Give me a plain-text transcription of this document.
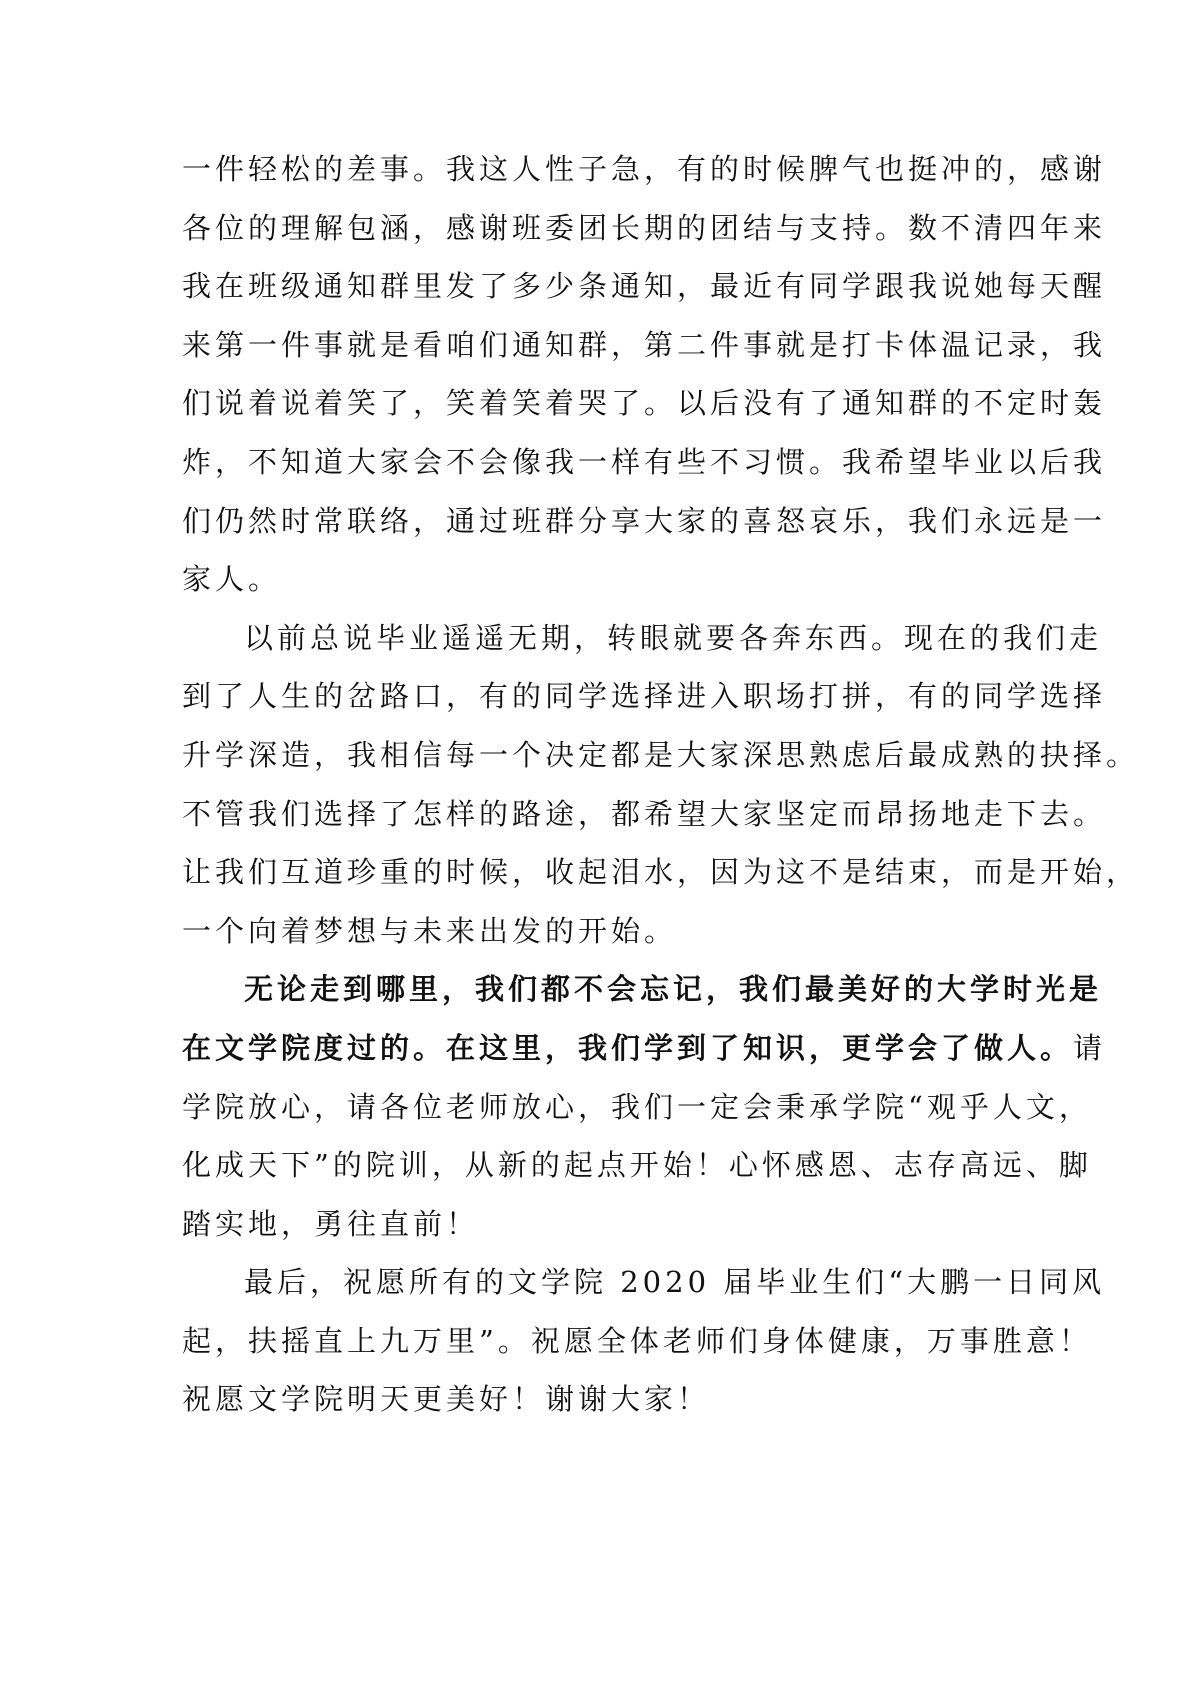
一件轻松的差事。我这人性子急，有的时候脾气也挺冲的，感谢
各位的理解包涵，感谢班委团长期的团结与支持。数不清四年来
我在班级通知群里发了多少条通知，最近有同学跟我说她每天醒
来第一件事就是看咱们通知群，第二件事就是打卡体温记录，我
们说着说着笑了，笑着笑着哭了。以后没有了通知群的不定时轰
炸，不知道大家会不会像我一样有些不习惯。我希望毕业以后我
们仍然时常联络，通过班群分享大家的喜怒哀乐，我们永远是一
家人。
以前总说毕业遥遥无期，转眼就要各奔东西。现在的我们走
到了人生的岔路口，有的同学选择进入职场打拼，有的同学选择
升学深造，我相信每一个决定都是大家深思熟虑后最成熟的抉择。
不管我们选择了怎样的路途，都希望大家坚定而昂扬地走下去。
让我们互道珍重的时候，收起泪水，因为这不是结束，而是开始，
一个向着梦想与未来出发的开始。
无论走到哪里，我们都不会忘记，我们最美好的大学时光是
在文学院度过的。在这里，我们学到了知识，更学会了做人。请
学院放心，请各位老师放心，我们一定会秉承学院“观乎人文，
化成天下”的院训，从新的起点开始！心怀感恩、志存高远、脚
踏实地，勇往直前！
最后，祝愿所有的文学院 2020 届毕业生们“大鹏一日同风
起，扶摇直上九万里”。祝愿全体老师们身体健康，万事胜意！
祝愿文学院明天更美好！谢谢大家！
